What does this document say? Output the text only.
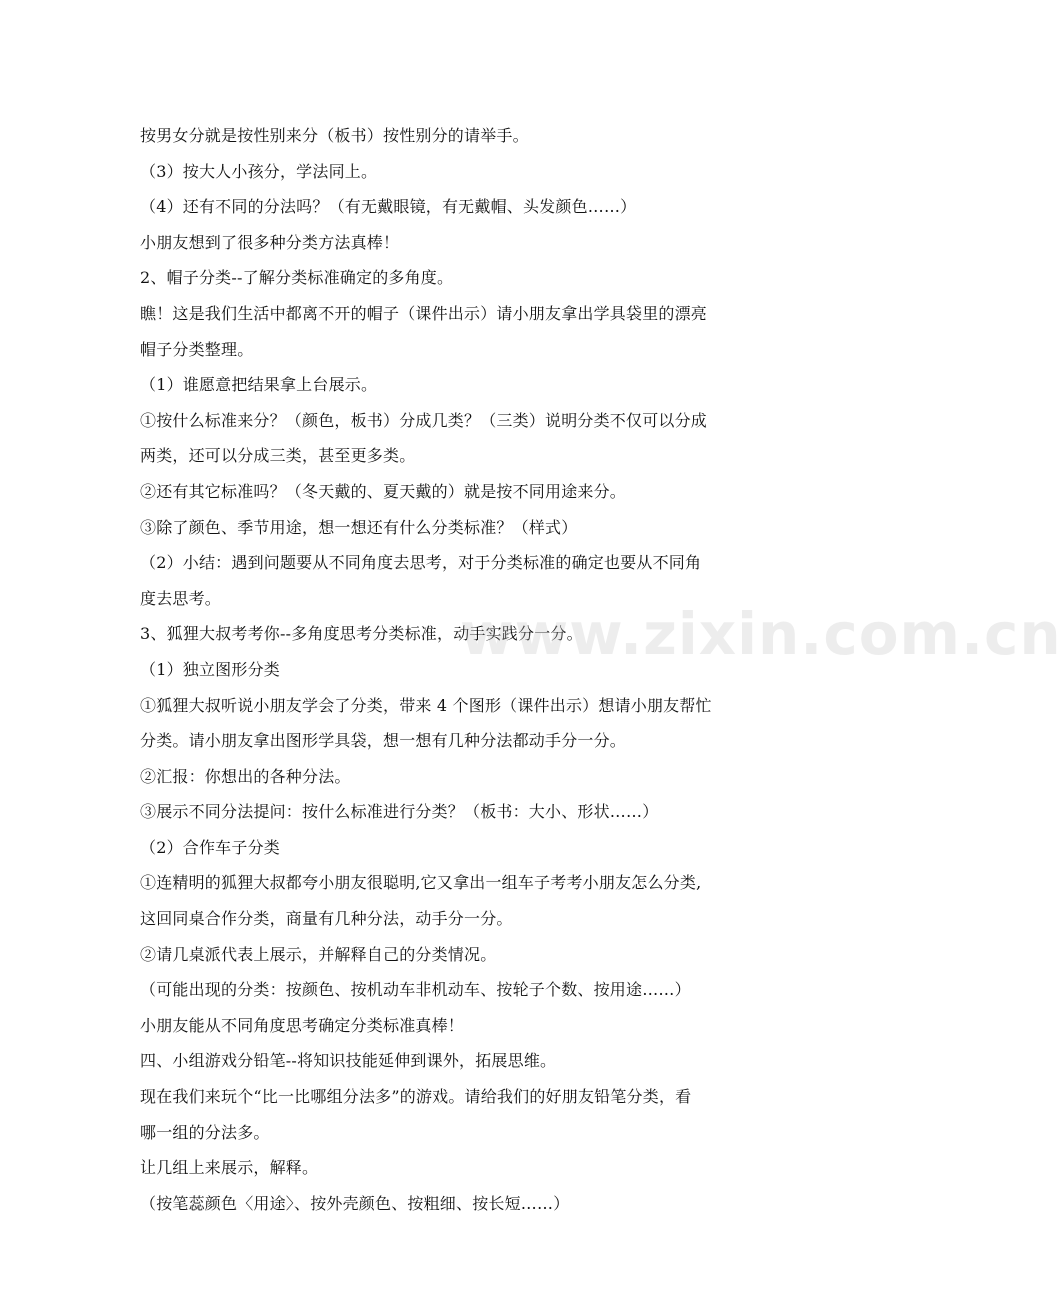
按男女分就是按性别来分（板书）按性别分的请举手。
（3）按大人小孩分，学法同上。
（4）还有不同的分法吗？（有无戴眼镜，有无戴帽、头发颜色……）
小朋友想到了很多种分类方法真棒！
2、帽子分类--了解分类标准确定的多角度。
瞧！这是我们生活中都离不开的帽子（课件出示）请小朋友拿出学具袋里的漂亮
帽子分类整理。
（1）谁愿意把结果拿上台展示。
①按什么标准来分？（颜色，板书）分成几类？（三类）说明分类不仅可以分成
两类，还可以分成三类，甚至更多类。
②还有其它标准吗？（冬天戴的、夏天戴的）就是按不同用途来分。
③除了颜色、季节用途，想一想还有什么分类标准？（样式）
（2）小结：遇到问题要从不同角度去思考，对于分类标准的确定也要从不同角
度去思考。
3、狐狸大叔考考你--多角度思考分类标准，动手实践分一分。
（1）独立图形分类
①狐狸大叔听说小朋友学会了分类，带来 4 个图形（课件出示）想请小朋友帮忙
分类。请小朋友拿出图形学具袋，想一想有几种分法都动手分一分。
②汇报：你想出的各种分法。
③展示不同分法提问：按什么标准进行分类？（板书：大小、形状……）
（2）合作车子分类
①连精明的狐狸大叔都夸小朋友很聪明,它又拿出一组车子考考小朋友怎么分类,
这回同桌合作分类，商量有几种分法，动手分一分。
②请几桌派代表上展示，并解释自己的分类情况。
（可能出现的分类：按颜色、按机动车非机动车、按轮子个数、按用途……）
小朋友能从不同角度思考确定分类标准真棒！
四、小组游戏分铅笔--将知识技能延伸到课外，拓展思维。
现在我们来玩个“比一比哪组分法多”的游戏。请给我们的好朋友铅笔分类，看
哪一组的分法多。
让几组上来展示，解释。
（按笔蕊颜色〈用途〉、按外壳颜色、按粗细、按长短……）
www.zixin.com.cn
